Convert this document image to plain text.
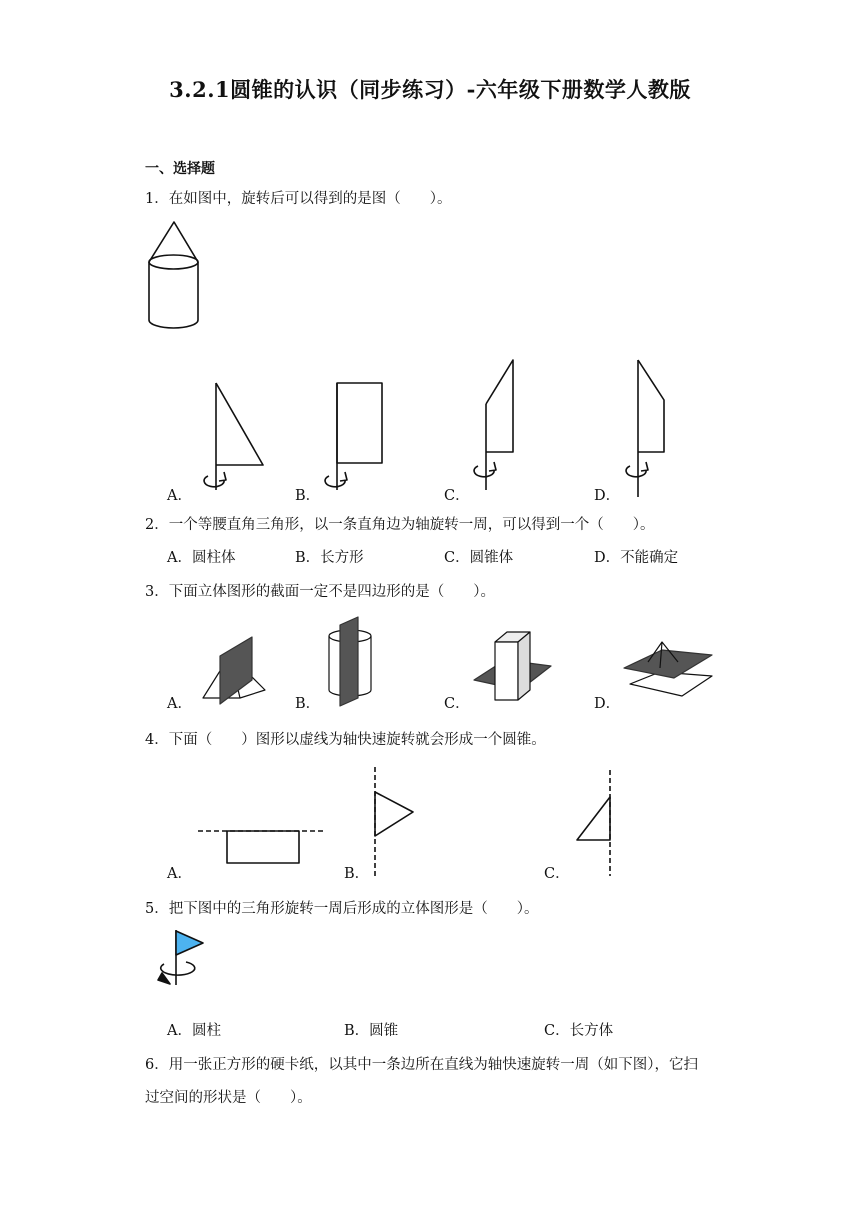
3.2.1圆锥的认识（同步练习）-六年级下册数学人教版
一、选择题
1．在如图中，旋转后可以得到的是图（　　）。
A．	B．	C．	D．
2．一个等腰直角三角形，以一条直角边为轴旋转一周，可以得到一个（　　）。
A．圆柱体	B．长方形	C．圆锥体	D．不能确定
3．下面立体图形的截面一定不是四边形的是（　　）。
A．	B．	C．	D．
4．下面（　　）图形以虚线为轴快速旋转就会形成一个圆锥。
A．	B．	C．
5．把下图中的三角形旋转一周后形成的立体图形是（　　）。
A．圆柱	B．圆锥	C．长方体
6．用一张正方形的硬卡纸，以其中一条边所在直线为轴快速旋转一周（如下图），它扫
过空间的形状是（　　）。
